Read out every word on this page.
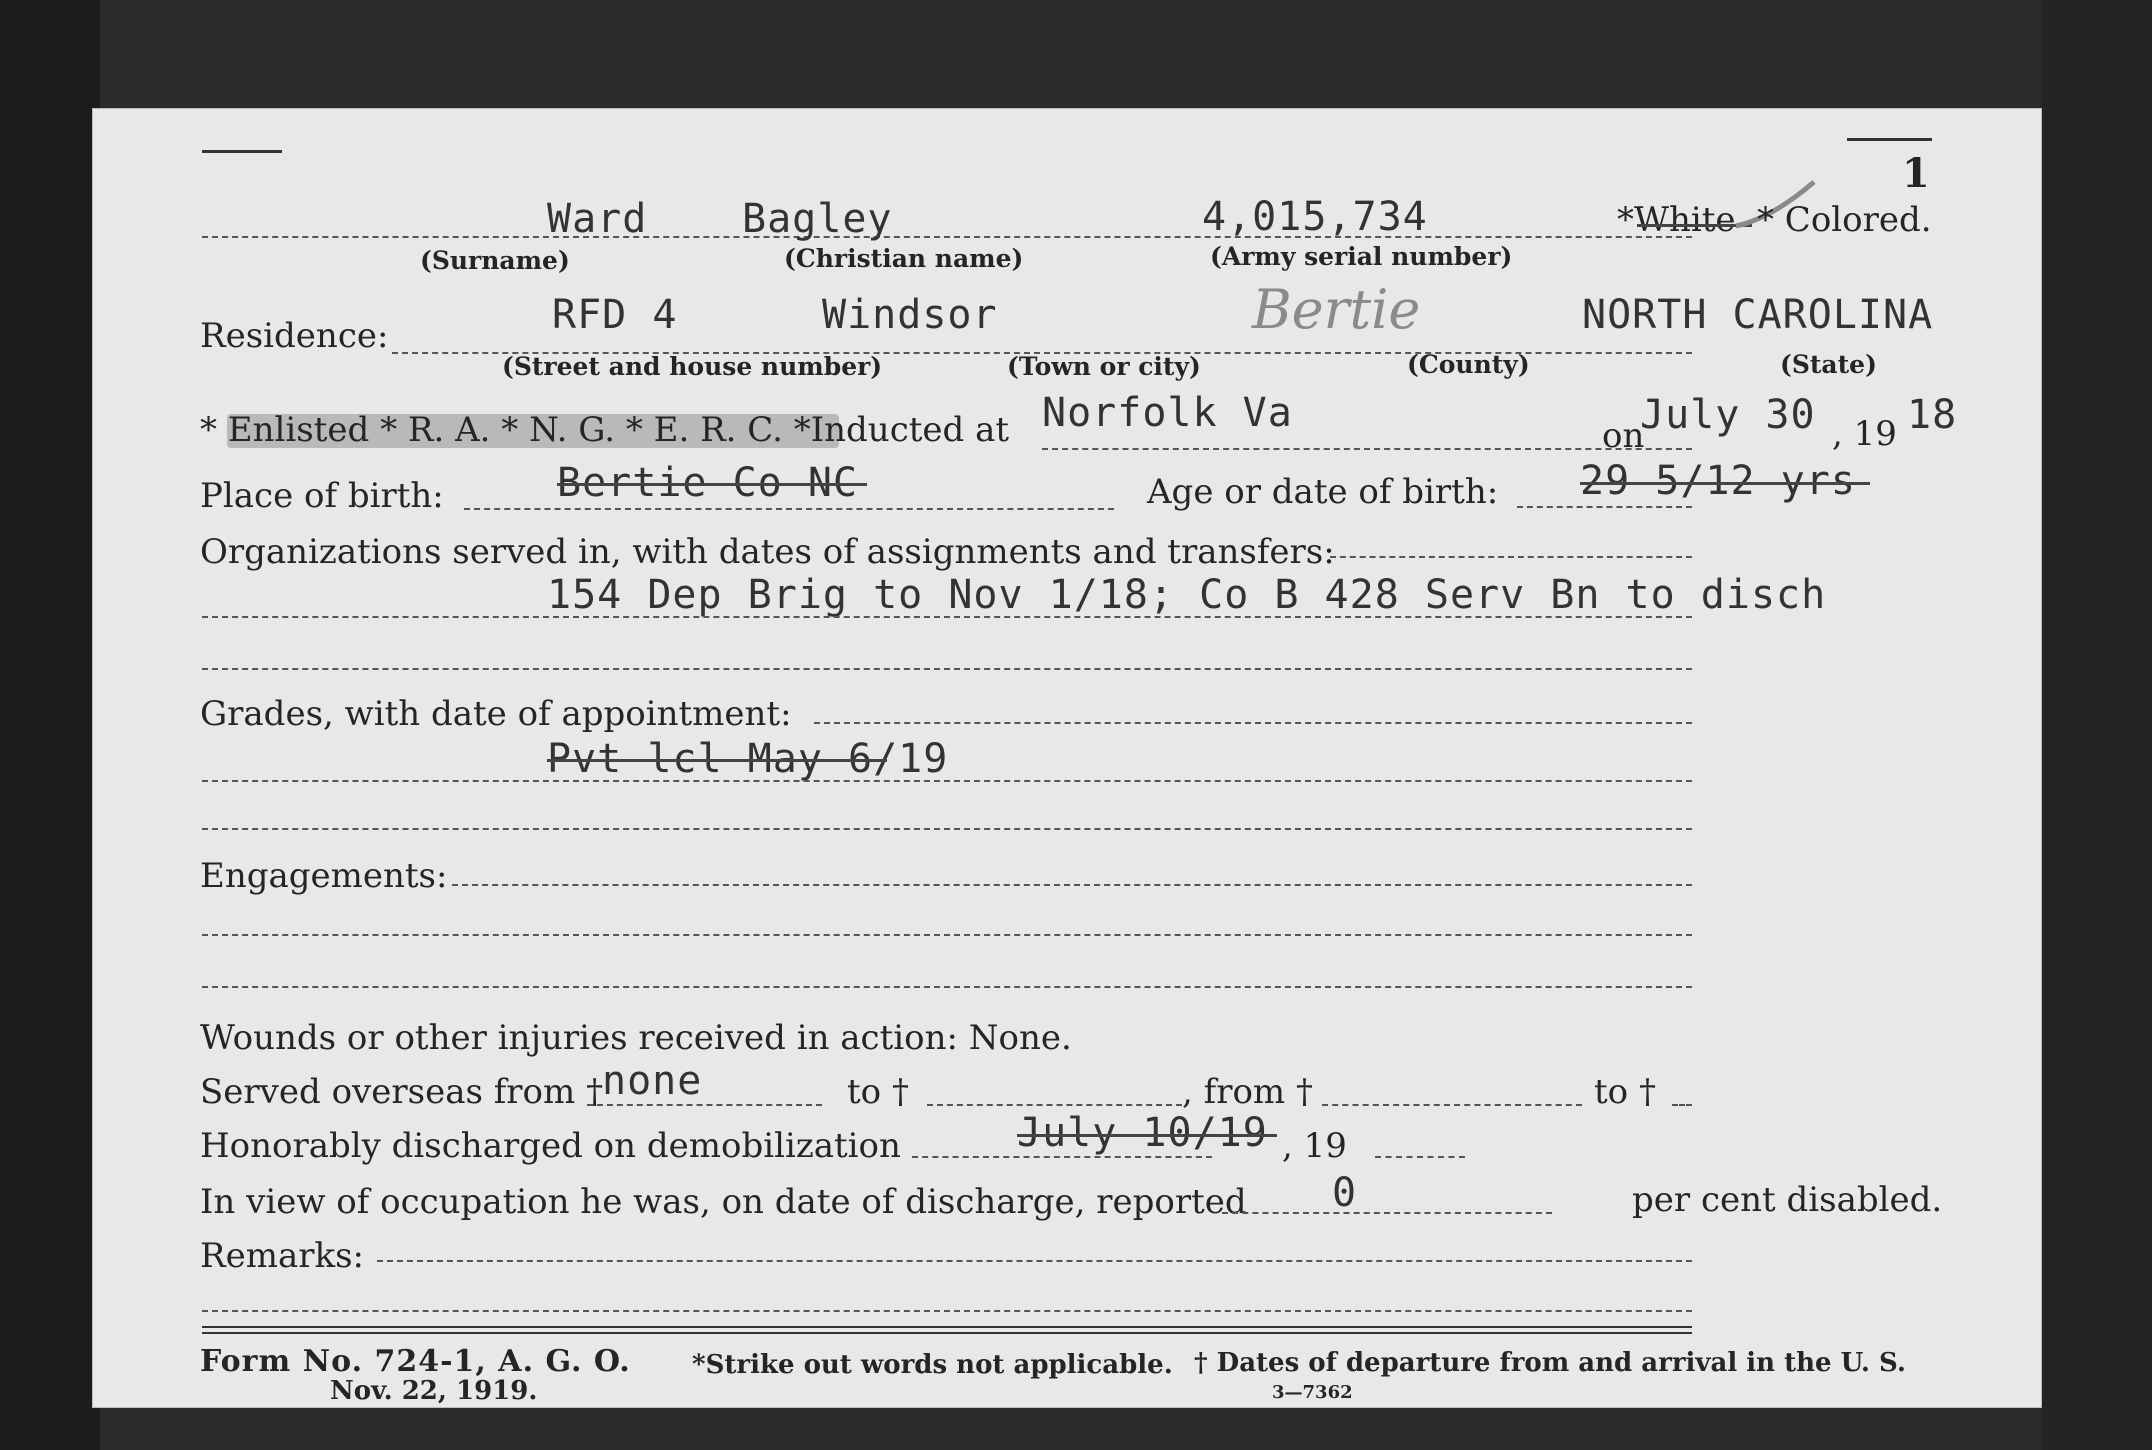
1
Ward Bagley	4,015,734	*White * Colored.
(Surname)	(Christian name)	(Army serial number)
Residence:	RFD 4	Windsor	Bertie	NORTH CAROLINA
(Street and house number)	(Town or city)	(County)	(State)
* Enlisted * R. A. * N. G. * E. R. C. *Inducted at Norfolk Va	on
July 30 , 19 18
Place of birth:	Bertie Co NC	Age or date of birth: 29 5/12 yrs
Organizations served in, with dates of assignments and transfers:
154 Dep Brig to Nov 1/18; Co B 428 Serv Bn to disch
Grades, with date of appointment:
Pvt lcl May 6/19
Engagements:
Wounds or other injuries received in action: None.
Served overseas from †
none	to †	, from †	to †
Honorably discharged on demobilization	July 10/19 , 19
In view of occupation he was, on date of discharge, reported 0	per cent disabled.
Remarks:
Form No. 724-1, A. G. O.
Nov. 22, 1919.
*Strike out words not applicable. † Dates of departure from and arrival in the U. S.
3—7362
